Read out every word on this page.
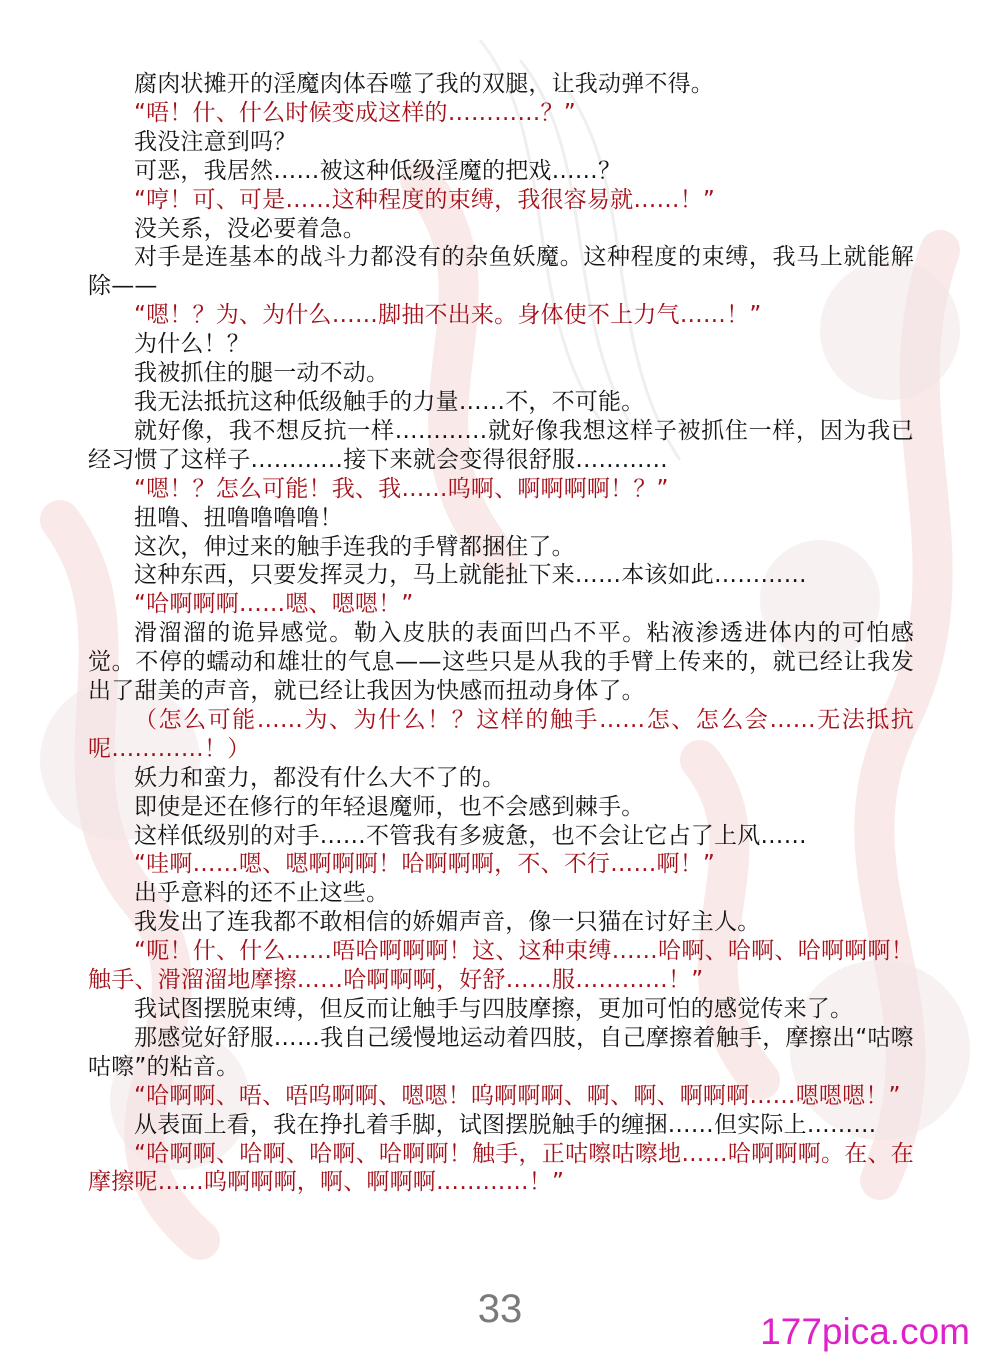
腐肉状摊开的淫魔肉体吞噬了我的双腿，让我动弹不得。

“唔！什、什么时候变成这样的…………？”

我没注意到吗？

可恶，我居然……被这种低级淫魔的把戏……？

“哼！可、可是……这种程度的束缚，我很容易就……！”

没关系，没必要着急。

对手是连基本的战斗力都没有的杂鱼妖魔。这种程度的束缚，我马上就能解除——

“嗯！？为、为什么……脚抽不出来。身体使不上力气……！”

为什么！？

我被抓住的腿一动不动。

我无法抵抗这种低级触手的力量……不，不可能。

就好像，我不想反抗一样…………就好像我想这样子被抓住一样，因为我已经习惯了这样子…………接下来就会变得很舒服…………

“嗯！？怎么可能！我、我……呜啊、啊啊啊啊！？”

扭噜、扭噜噜噜噜！

这次，伸过来的触手连我的手臂都捆住了。

这种东西，只要发挥灵力，马上就能扯下来……本该如此…………

“哈啊啊啊……嗯、嗯嗯！”

滑溜溜的诡异感觉。勒入皮肤的表面凹凸不平。粘液渗透进体内的可怕感觉。不停的蠕动和雄壮的气息——这些只是从我的手臂上传来的，就已经让我发出了甜美的声音，就已经让我因为快感而扭动身体了。

（怎么可能……为、为什么！？这样的触手……怎、怎么会……无法抵抗呢…………！）

妖力和蛮力，都没有什么大不了的。

即使是还在修行的年轻退魔师，也不会感到棘手。

这样低级别的对手……不管我有多疲惫，也不会让它占了上风……

“哇啊……嗯、嗯啊啊啊！哈啊啊啊，不、不行……啊！”

出乎意料的还不止这些。

我发出了连我都不敢相信的娇媚声音，像一只猫在讨好主人。

“呃！什、什么……唔哈啊啊啊！这、这种束缚……哈啊、哈啊、哈啊啊啊！触手、滑溜溜地摩擦……哈啊啊啊，好舒……服…………！”

我试图摆脱束缚，但反而让触手与四肢摩擦，更加可怕的感觉传来了。

那感觉好舒服……我自己缓慢地运动着四肢，自己摩擦着触手，摩擦出“咕嚓咕嚓”的粘音。

“哈啊啊、唔、唔呜啊啊、嗯嗯！呜啊啊啊、啊、啊、啊啊啊……嗯嗯嗯！”

从表面上看，我在挣扎着手脚，试图摆脱触手的缠捆……但实际上………

“哈啊啊、哈啊、哈啊、哈啊啊！触手，正咕嚓咕嚓地……哈啊啊啊。在、在摩擦呢……呜啊啊啊，啊、啊啊啊…………！”

33
177pica.com
